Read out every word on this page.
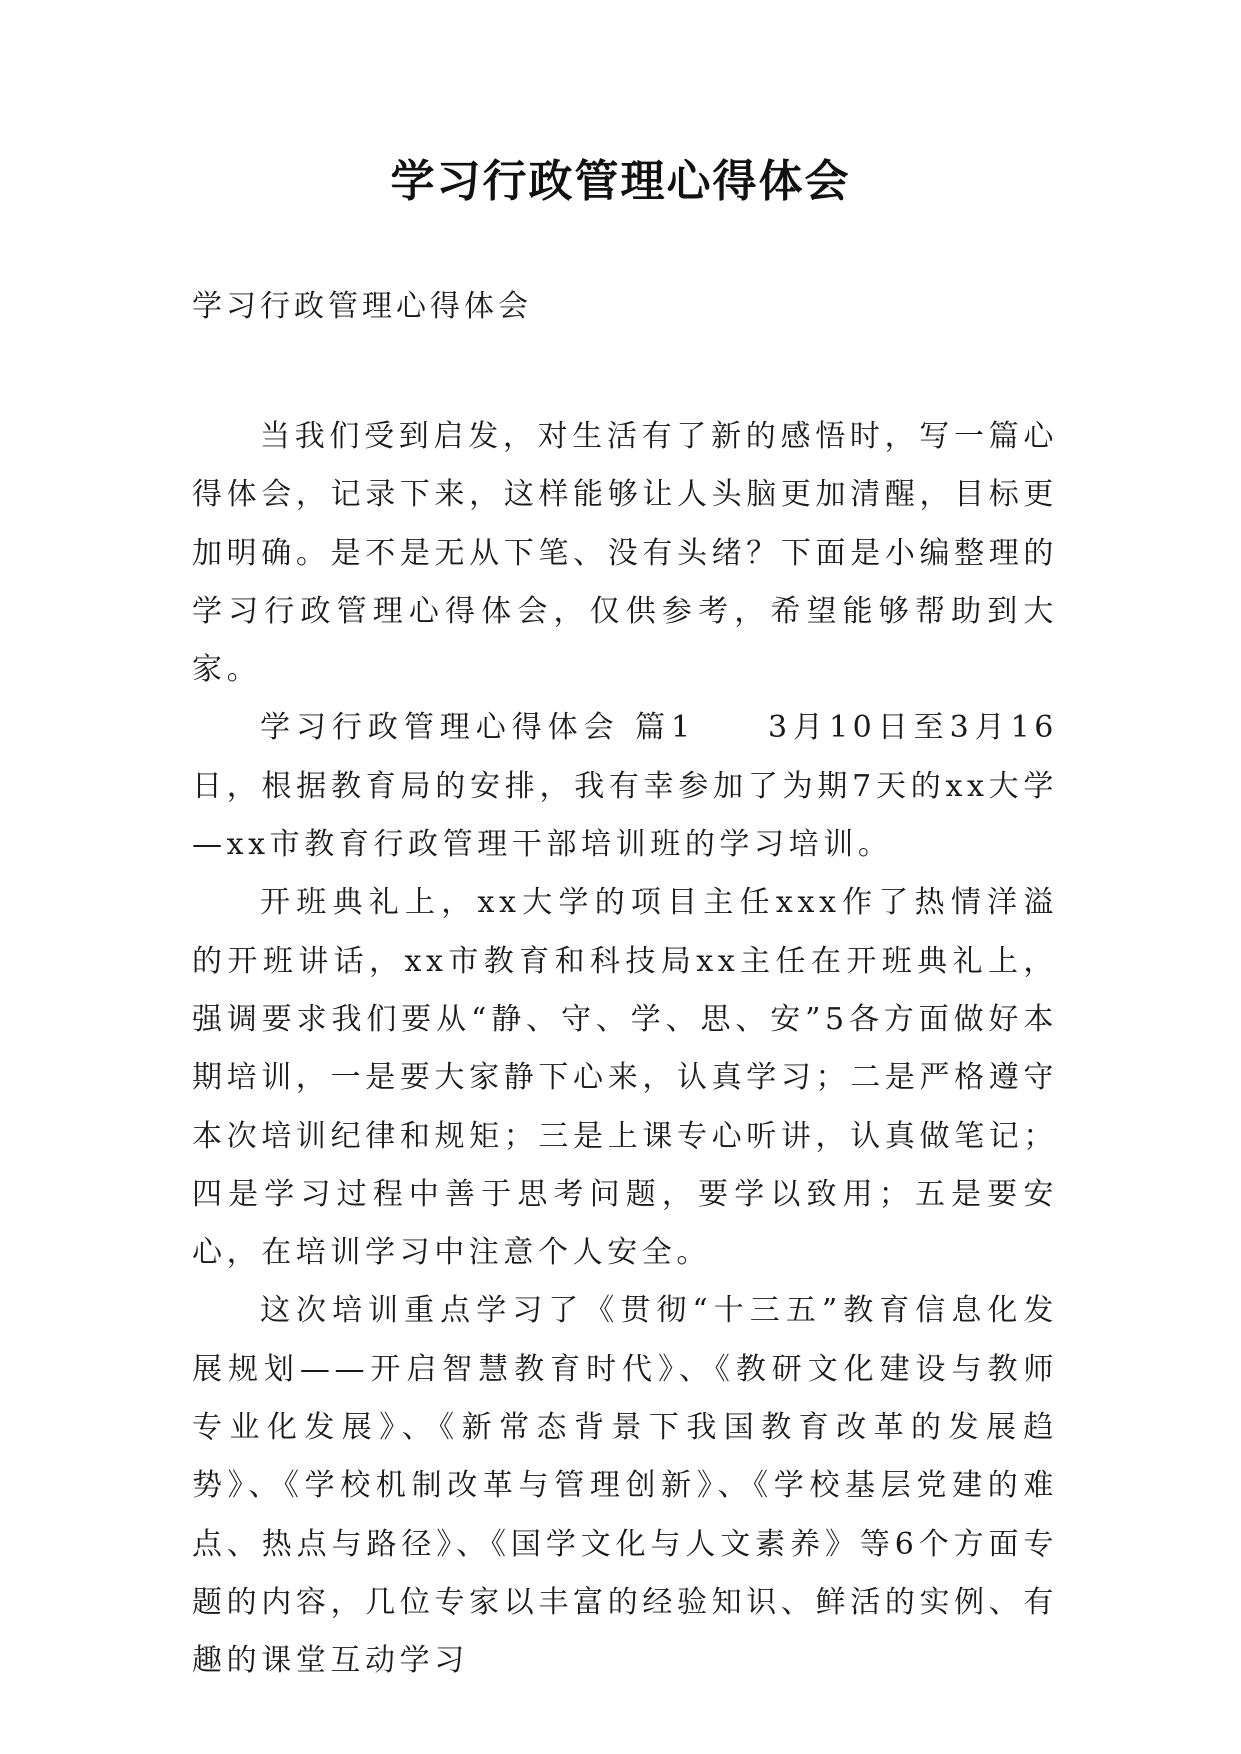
学习行政管理心得体会

学习行政管理心得体会

当我们受到启发，对生活有了新的感悟时，写一篇心得体会，记录下来，这样能够让人头脑更加清醒，目标更加明确。是不是无从下笔、没有头绪？下面是小编整理的学习行政管理心得体会，仅供参考，希望能够帮助到大家。

学习行政管理心得体会 篇1　　3月10日至3月16日，根据教育局的安排，我有幸参加了为期7天的xx大学—xx市教育行政管理干部培训班的学习培训。

开班典礼上，xx大学的项目主任xxx作了热情洋溢的开班讲话，xx市教育和科技局xx主任在开班典礼上，强调要求我们要从“静、守、学、思、安”5各方面做好本期培训，一是要大家静下心来，认真学习；二是严格遵守本次培训纪律和规矩；三是上课专心听讲，认真做笔记；四是学习过程中善于思考问题，要学以致用；五是要安心，在培训学习中注意个人安全。

这次培训重点学习了《贯彻“十三五”教育信息化发展规划——开启智慧教育时代》、《教研文化建设与教师专业化发展》、《新常态背景下我国教育改革的发展趋势》、《学校机制改革与管理创新》、《学校基层党建的难点、热点与路径》、《国学文化与人文素养》等6个方面专题的内容，几位专家以丰富的经验知识、鲜活的实例、有趣的课堂互动学习
